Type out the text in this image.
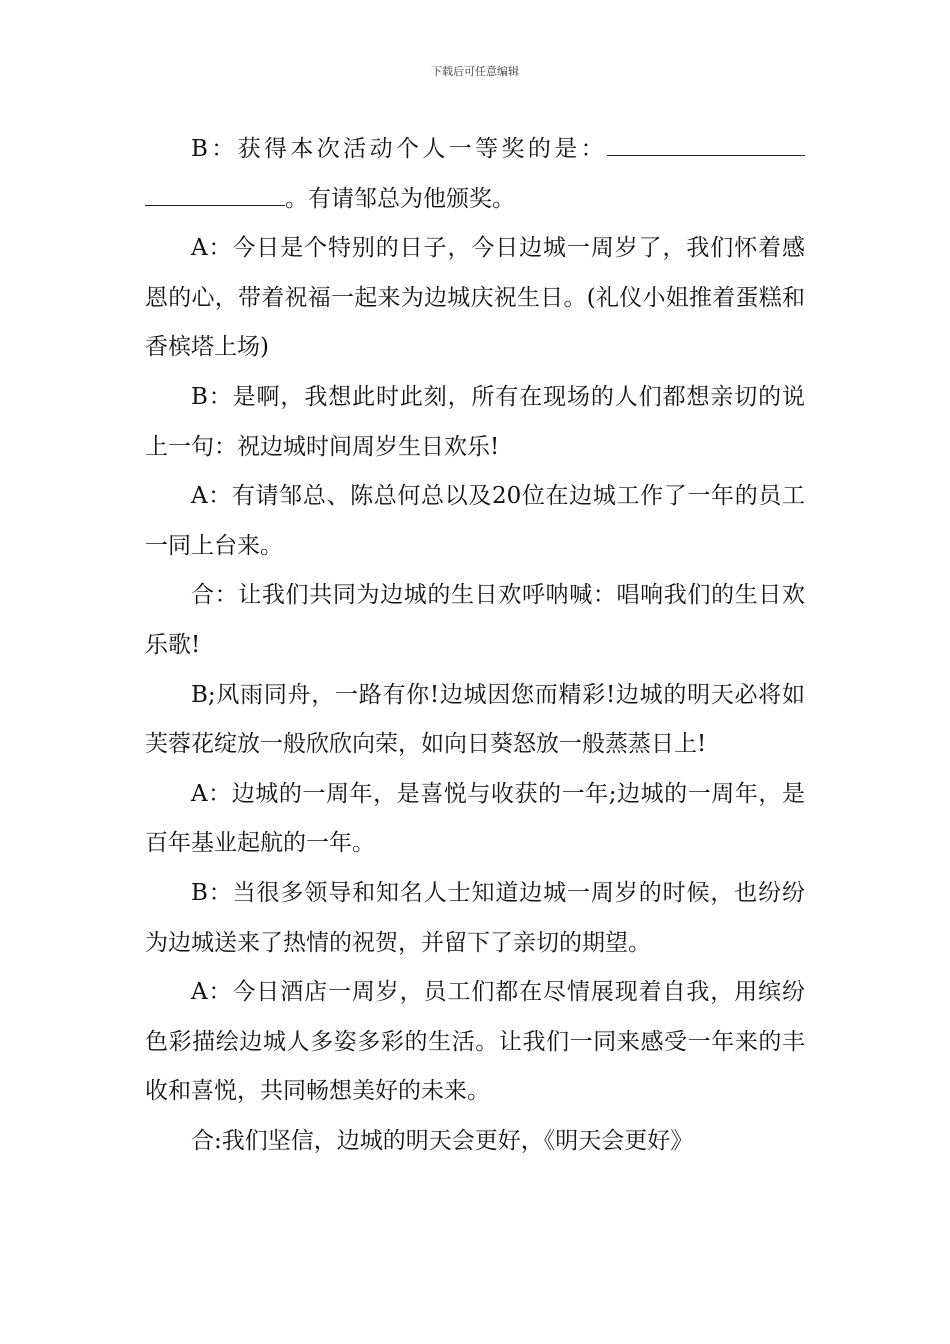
下载后可任意编辑

B：获得本次活动个人一等奖的是：。有请邹总为他颁奖。

A：今日是个特别的日子，今日边城一周岁了，我们怀着感恩的心，带着祝福一起来为边城庆祝生日。(礼仪小姐推着蛋糕和香槟塔上场)

B：是啊，我想此时此刻，所有在现场的人们都想亲切的说上一句：祝边城时间周岁生日欢乐!

A：有请邹总、陈总何总以及20位在边城工作了一年的员工一同上台来。

合：让我们共同为边城的生日欢呼呐喊：唱响我们的生日欢乐歌!

B;风雨同舟，一路有你!边城因您而精彩!边城的明天必将如芙蓉花绽放一般欣欣向荣，如向日葵怒放一般蒸蒸日上!

A：边城的一周年，是喜悦与收获的一年;边城的一周年，是百年基业起航的一年。

B：当很多领导和知名人士知道边城一周岁的时候，也纷纷为边城送来了热情的祝贺，并留下了亲切的期望。

A：今日酒店一周岁，员工们都在尽情展现着自我，用缤纷色彩描绘边城人多姿多彩的生活。让我们一同来感受一年来的丰收和喜悦，共同畅想美好的未来。

合:我们坚信，边城的明天会更好，《明天会更好》
